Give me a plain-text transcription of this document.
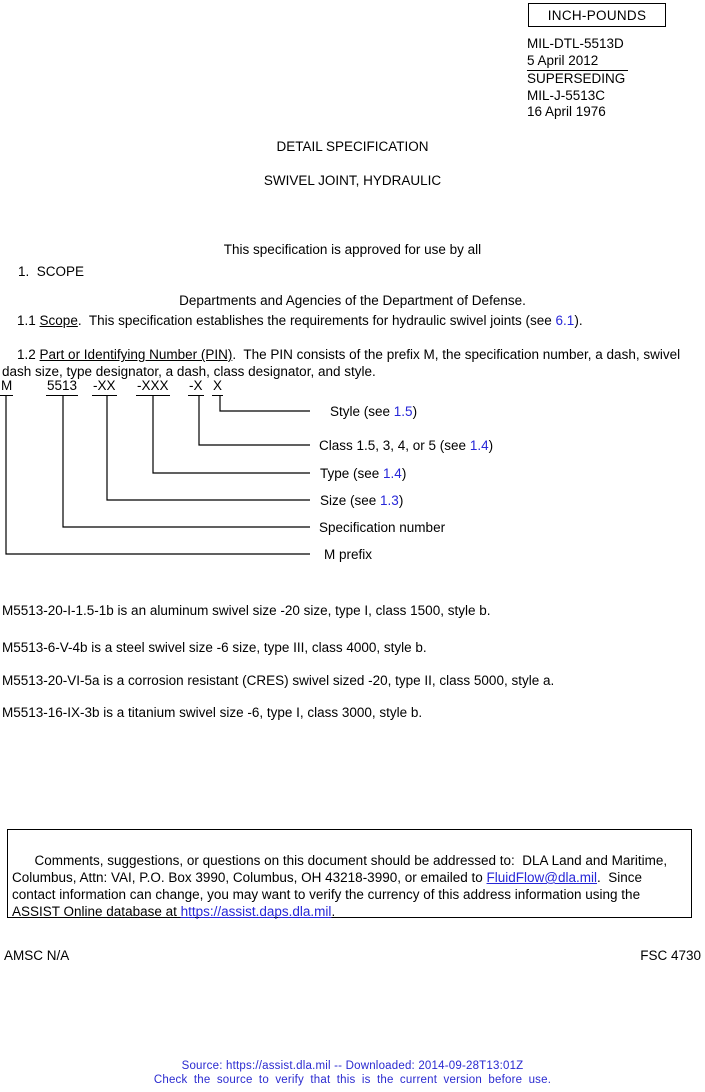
INCH-POUNDS
MIL-DTL-5513D
5 April 2012
SUPERSEDING
MIL-J-5513C
16 April 1976
DETAIL SPECIFICATION
SWIVEL JOINT, HYDRAULIC

This specification is approved for use by all

Departments and Agencies of the Department of Defense.

1.  SCOPE

1.1 Scope.  This specification establishes the requirements for hydraulic swivel joints (see 6.1).

1.2 Part or Identifying Number (PIN).  The PIN consists of the prefix M, the specification number, a dash, swivel dash size, type designator, a dash, class designator, and style.

M	5513 -XX -XXX -X X
Style (see 1.5)
Class 1.5, 3, 4, or 5 (see 1.4)
Type (see 1.4)
Size (see 1.3)
Specification number
M prefix
M5513-20-I-1.5-1b is an aluminum swivel size -20 size, type I, class 1500, style b.
M5513-6-V-4b is a steel swivel size -6 size, type III, class 4000, style b.
M5513-20-VI-5a is a corrosion resistant (CRES) swivel sized -20, type II, class 5000, style a.
M5513-16-IX-3b is a titanium swivel size -6, type I, class 3000, style b.

Comments, suggestions, or questions on this document should be addressed to:  DLA Land and Maritime, Columbus, Attn: VAI, P.O. Box 3990, Columbus, OH 43218-3990, or emailed to FluidFlow@dla.mil.  Since contact information can change, you may want to verify the currency of this address information using the ASSIST Online database at https://assist.daps.dla.mil.

AMSC N/A	FSC 4730
Source: https://assist.dla.mil -- Downloaded: 2014-09-28T13:01Z
Check the source to verify that this is the current version before use.
